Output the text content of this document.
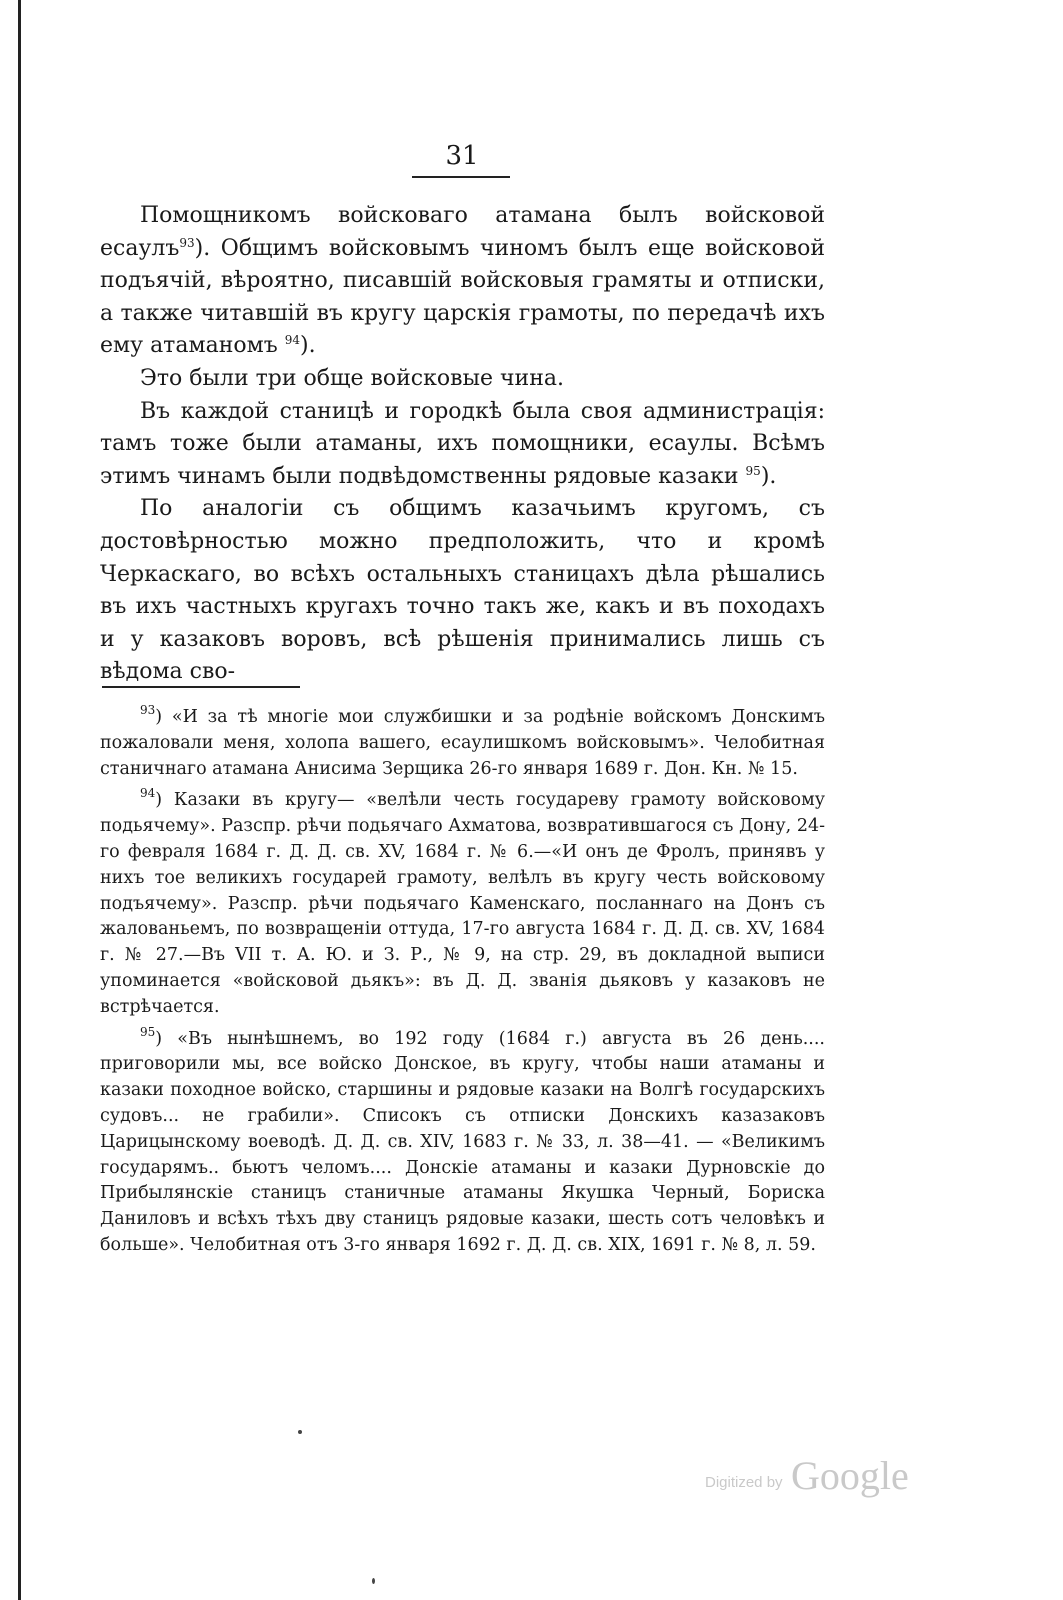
31

Помощникомъ войсковаго атамана былъ войсковой есаулъ$^{93}$). Общимъ войсковымъ чиномъ былъ еще войсковой подъячій, вѣроятно, писавшій войсковыя грамяты и отписки, а также читавшій въ кругу царскія грамоты, по передачѣ ихъ ему атаманомъ $^{94}$).

Это были три обще войсковые чина.

Въ каждой станицѣ и городкѣ была своя администрація: тамъ тоже были атаманы, ихъ помощники, есаулы. Всѣмъ этимъ чинамъ были подвѣдомственны рядовые казаки $^{95}$).

По аналогіи съ общимъ казачьимъ кругомъ, съ достовѣрностью можно предположить, что и кромѣ Черкаскаго, во всѣхъ остальныхъ станицахъ дѣла рѣшались въ ихъ частныхъ кругахъ точно такъ же, какъ и въ походахъ и у казаковъ воровъ, всѣ рѣшенія принимались лишь съ вѣдома сво-

$^{93}$) «И за тѣ многіе мои службишки и за родѣніе войскомъ Донскимъ пожаловали меня, холопа вашего, есаулишкомъ войсковымъ». Челобитная станичнаго атамана Анисима Зерщика 26-го января 1689 г. Дон. Кн. № 15.

$^{94}$) Казаки въ кругу— «велѣли честь государеву грамоту войсковому подьячему». Разспр. рѣчи подьячаго Ахматова, возвратившагося съ Дону, 24-го февраля 1684 г. Д. Д. св. XV, 1684 г. № 6.—«И онъ де Фролъ, принявъ у нихъ тое великихъ государей грамоту, велѣлъ въ кругу честь войсковому подъячему». Разспр. рѣчи подьячаго Каменскаго, посланнаго на Донъ съ жалованьемъ, по возвращеніи оттуда, 17-го августа 1684 г. Д. Д. св. XV, 1684 г. № 27.—Въ VII т. А. Ю. и З. Р., № 9, на стр. 29, въ докладной выписи упоминается «войсковой дьякъ»: въ Д. Д. званія дьяковъ у казаковъ не встрѣчается.

$^{95}$) «Въ нынѣшнемъ, во 192 году (1684 г.) августа въ 26 день.... приговорили мы, все войско Донское, въ кругу, чтобы наши атаманы и казаки походное войско, старшины и рядовые казаки на Волгѣ государскихъ судовъ... не грабили». Списокъ съ отписки Донскихъ казазаковъ Царицынскому воеводѣ. Д. Д. св. XIV, 1683 г. № 33, л. 38—41. — «Великимъ государямъ.. бьютъ челомъ.... Донскіе атаманы и казаки Дурновскіе до Прибылянскіе станицъ станичные атаманы Якушка Черный, Бориска Даниловъ и всѣхъ тѣхъ дву станицъ рядовые казаки, шесть сотъ человѣкъ и больше». Челобитная отъ 3-го января 1692 г. Д. Д. св. XIX, 1691 г. № 8, л. 59.

Digitized by Google
